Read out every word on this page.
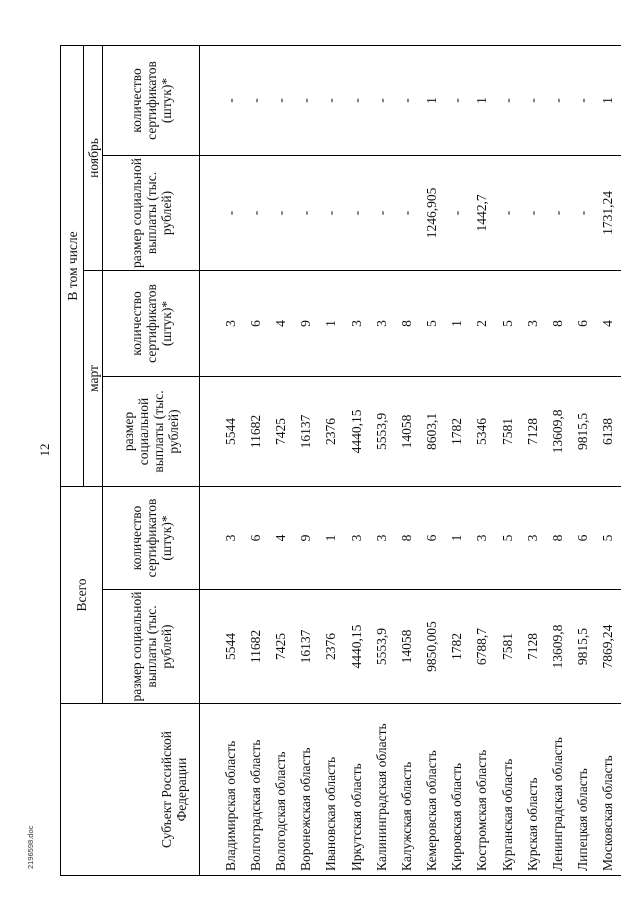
12
2196598.doc	Субъект Российской Федерации	Всего		В том числе			
			март		ноябрь	
	размер социальной выплаты (тыс. рублей)	количество сертификатов (штук)*	размер социальной выплаты (тыс. рублей)	количество сертификатов (штук)*	размер социальной выплаты (тыс. рублей)	количество сертификатов (штук)*
Владимирская область	5544	3	5544	3	-	-
Волгоградская область	11682	6	11682	6	-	-
Вологодская область	7425	4	7425	4	-	-
Воронежская область	16137	9	16137	9	-	-
Ивановская область	2376	1	2376	1	-	-
Иркутская область	4440,15	3	4440,15	3	-	-
Калининградская область	5553,9	3	5553,9	3	-	-
Калужская область	14058	8	14058	8	-	-
Кемеровская область	9850,005	6	8603,1	5	1246,905	1
Кировская область	1782	1	1782	1	-	-
Костромская область	6788,7	3	5346	2	1442,7	1
Курганская область	7581	5	7581	5	-	-
Курская область	7128	3	7128	3	-	-
Ленинградская область	13609,8	8	13609,8	8	-	-
Липецкая область	9815,5	6	9815,5	6	-	-
Московская область	7869,24	5	6138	4	1731,24	1
